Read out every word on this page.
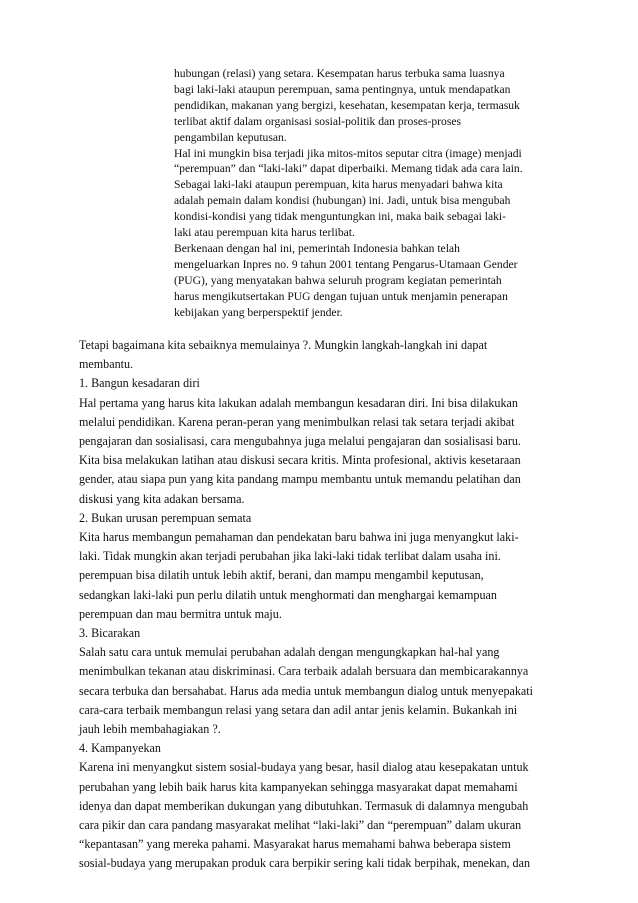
hubungan (relasi) yang setara. Kesempatan harus terbuka sama luasnya
bagi laki-laki ataupun perempuan, sama pentingnya, untuk mendapatkan
pendidikan, makanan yang bergizi, kesehatan, kesempatan kerja, termasuk
terlibat aktif dalam organisasi sosial-politik dan proses-proses
pengambilan keputusan.
Hal ini mungkin bisa terjadi jika mitos-mitos seputar citra (image) menjadi
“perempuan” dan “laki-laki” dapat diperbaiki. Memang tidak ada cara lain.
Sebagai laki-laki ataupun perempuan, kita harus menyadari bahwa kita
adalah pemain dalam kondisi (hubungan) ini. Jadi, untuk bisa mengubah
kondisi-kondisi yang tidak menguntungkan ini, maka baik sebagai laki-
laki atau perempuan kita harus terlibat.
Berkenaan dengan hal ini, pemerintah Indonesia bahkan telah
mengeluarkan Inpres no. 9 tahun 2001 tentang Pengarus-Utamaan Gender
(PUG), yang menyatakan bahwa seluruh program kegiatan pemerintah
harus mengikutsertakan PUG dengan tujuan untuk menjamin penerapan
kebijakan yang berperspektif jender.
Tetapi bagaimana kita sebaiknya memulainya ?. Mungkin langkah-langkah ini dapat
membantu.
1. Bangun kesadaran diri
Hal pertama yang harus kita lakukan adalah membangun kesadaran diri. Ini bisa dilakukan
melalui pendidikan. Karena peran-peran yang menimbulkan relasi tak setara terjadi akibat
pengajaran dan sosialisasi, cara mengubahnya juga melalui pengajaran dan sosialisasi baru.
Kita bisa melakukan latihan atau diskusi secara kritis. Minta profesional, aktivis kesetaraan
gender, atau siapa pun yang kita pandang mampu membantu untuk memandu pelatihan dan
diskusi yang kita adakan bersama.
2. Bukan urusan perempuan semata
Kita harus membangun pemahaman dan pendekatan baru bahwa ini juga menyangkut laki-
laki. Tidak mungkin akan terjadi perubahan jika laki-laki tidak terlibat dalam usaha ini.
perempuan bisa dilatih untuk lebih aktif, berani, dan mampu mengambil keputusan,
sedangkan laki-laki pun perlu dilatih untuk menghormati dan menghargai kemampuan
perempuan dan mau bermitra untuk maju.
3. Bicarakan
Salah satu cara untuk memulai perubahan adalah dengan mengungkapkan hal-hal yang
menimbulkan tekanan atau diskriminasi. Cara terbaik adalah bersuara dan membicarakannya
secara terbuka dan bersahabat. Harus ada media untuk membangun dialog untuk menyepakati
cara-cara terbaik membangun relasi yang setara dan adil antar jenis kelamin. Bukankah ini
jauh lebih membahagiakan ?.
4. Kampanyekan
Karena ini menyangkut sistem sosial-budaya yang besar, hasil dialog atau kesepakatan untuk
perubahan yang lebih baik harus kita kampanyekan sehingga masyarakat dapat memahami
idenya dan dapat memberikan dukungan yang dibutuhkan. Termasuk di dalamnya mengubah
cara pikir dan cara pandang masyarakat melihat “laki-laki” dan “perempuan” dalam ukuran
“kepantasan” yang mereka pahami. Masyarakat harus memahami bahwa beberapa sistem
sosial-budaya yang merupakan produk cara berpikir sering kali tidak berpihak, menekan, dan
